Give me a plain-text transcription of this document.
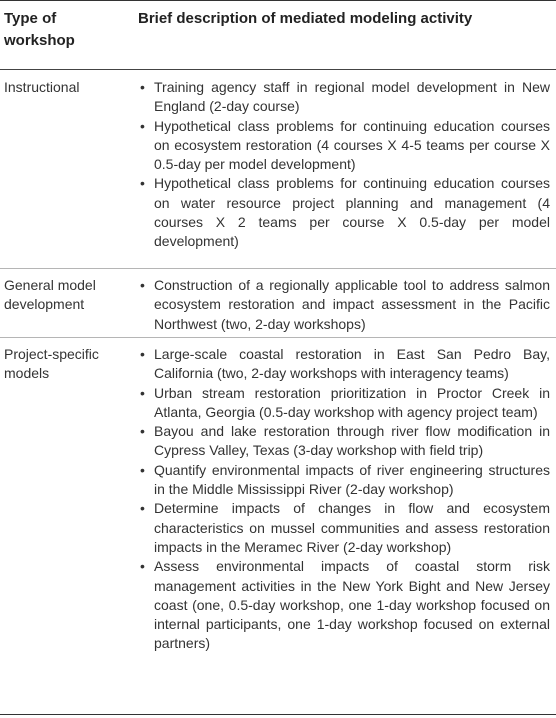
Type of workshop
Brief description of mediated modeling activity
Instructional	• Training agency staff in regional model development in New England (2-day course)
• Hypothetical class problems for continuing education courses on ecosystem restoration (4 courses X 4-5 teams per course X 0.5-day per model development)
• Hypothetical class problems for continuing education courses on water resource project planning and management (4 courses X 2 teams per course X 0.5-day per model development)
General model development
• Construction of a regionally applicable tool to address salmon ecosystem restoration and impact assessment in the Pacific Northwest (two, 2-day workshops)
Project-specific models
• Large-scale coastal restoration in East San Pedro Bay, California (two, 2-day workshops with interagency teams)
• Urban stream restoration prioritization in Proctor Creek in Atlanta, Georgia (0.5-day workshop with agency project team)
• Bayou and lake restoration through river flow modification in Cypress Valley, Texas (3-day workshop with field trip)
• Quantify environmental impacts of river engineering structures in the Middle Mississippi River (2-day workshop)
• Determine impacts of changes in flow and ecosystem characteristics on mussel communities and assess restoration impacts in the Meramec River (2-day workshop)
• Assess environmental impacts of coastal storm risk management activities in the New York Bight and New Jersey coast (one, 0.5-day workshop, one 1-day workshop focused on internal participants, one 1-day workshop focused on external partners)
